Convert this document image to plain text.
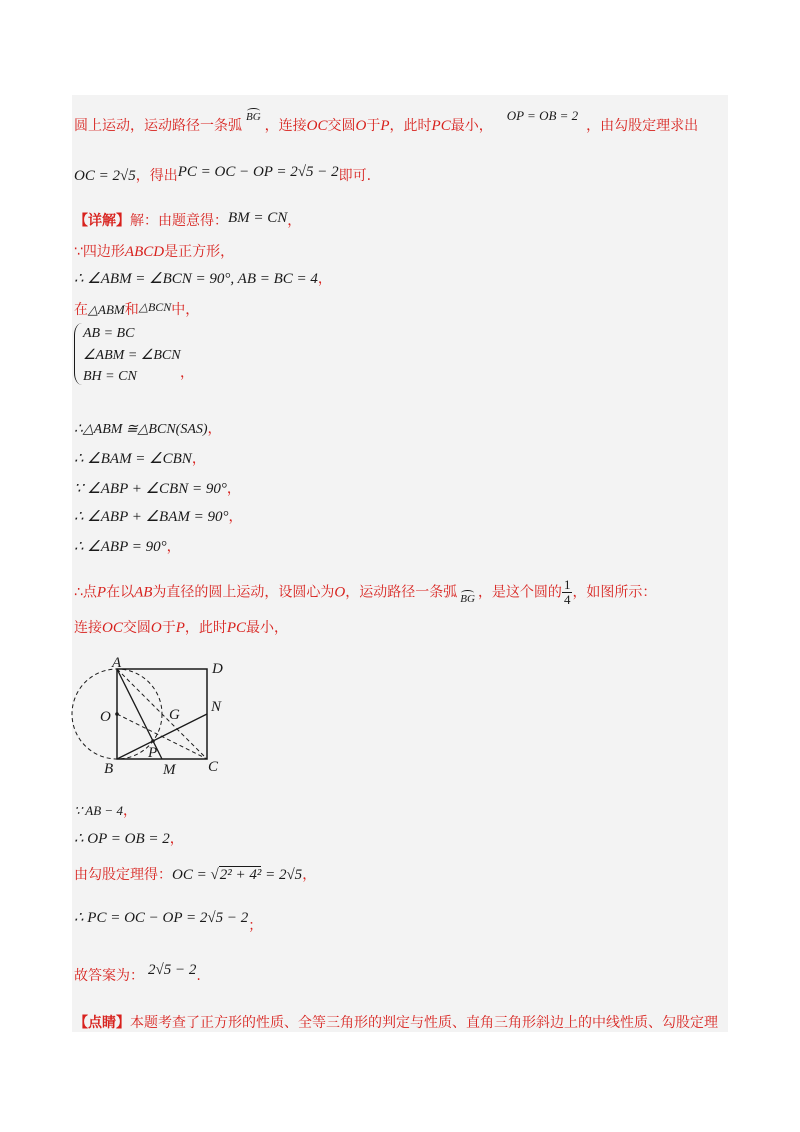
圆上运动，运动路径一条弧BG，连接OC交圆O于P，此时PC最小，OP = OB = 2，由勾股定理求出
OC = 2√5，得出PC = OC − OP = 2√5 − 2即可.
【详解】解：由题意得：BM = CN，
∵四边形ABCD是正方形，
∴ ∠ABM = ∠BCN = 90°, AB = BC = 4，
在△ABM和△BCN中，
AB = BC
∠ABM = ∠BCN
BH = CN	，
∴△ABM ≅△BCN(SAS)，
∴ ∠BAM = ∠CBN，
∵ ∠ABP + ∠CBN = 90°，
∴ ∠ABP + ∠BAM = 90°，
∴ ∠ABP = 90°，
∴点P在以AB为直径的圆上运动，设圆心为O，运动路径一条弧 BG ，是这个圆的 $\frac{1}{4}$ ，如图所示：
连接OC交圆O于P，此时PC最小，
A	D
B	C
N
M
O	G
P
∵ AB − 4，
∴ OP = OB = 2，
由勾股定理得：OC = √2² + 4² = 2√5，
∴ PC = OC − OP = 2√5 − 2；
故答案为： 2√5 − 2.
【点睛】本题考查了正方形的性质、全等三角形的判定与性质、直角三角形斜边上的中线性质、勾股定理
